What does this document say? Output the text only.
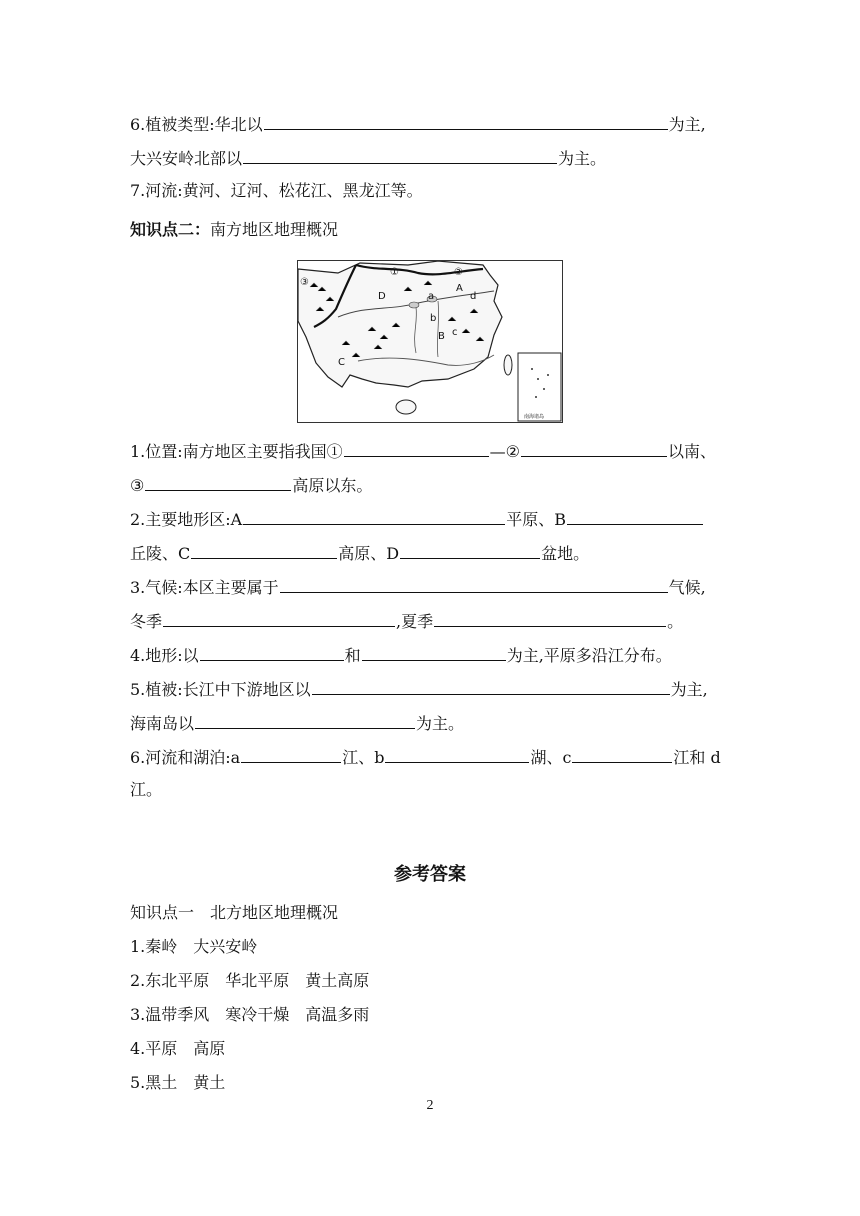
6.植被类型:华北以	为主,
大兴安岭北部以	为主。
7.河流:黄河、辽河、松花江、黑龙江等。
知识点二：南方地区地理概况
①	②
③
A
B
C
D	a
b
c
d
南海诸岛
1.位置:南方地区主要指我国①	—②	以南、
③	高原以东。
2.主要地形区:A	平原、B
丘陵、C	高原、D	盆地。
3.气候:本区主要属于	气候,
冬季	,夏季	。
4.地形:以	和	为主,平原多沿江分布。
5.植被:长江中下游地区以	为主,
海南岛以	为主。
6.河流和湖泊:a	江、b	湖、c	江和 d
江。
参考答案
知识点一 北方地区地理概况
1.秦岭 大兴安岭
2.东北平原 华北平原 黄土高原
3.温带季风 寒冷干燥 高温多雨
4.平原 高原
5.黑土 黄土
2
